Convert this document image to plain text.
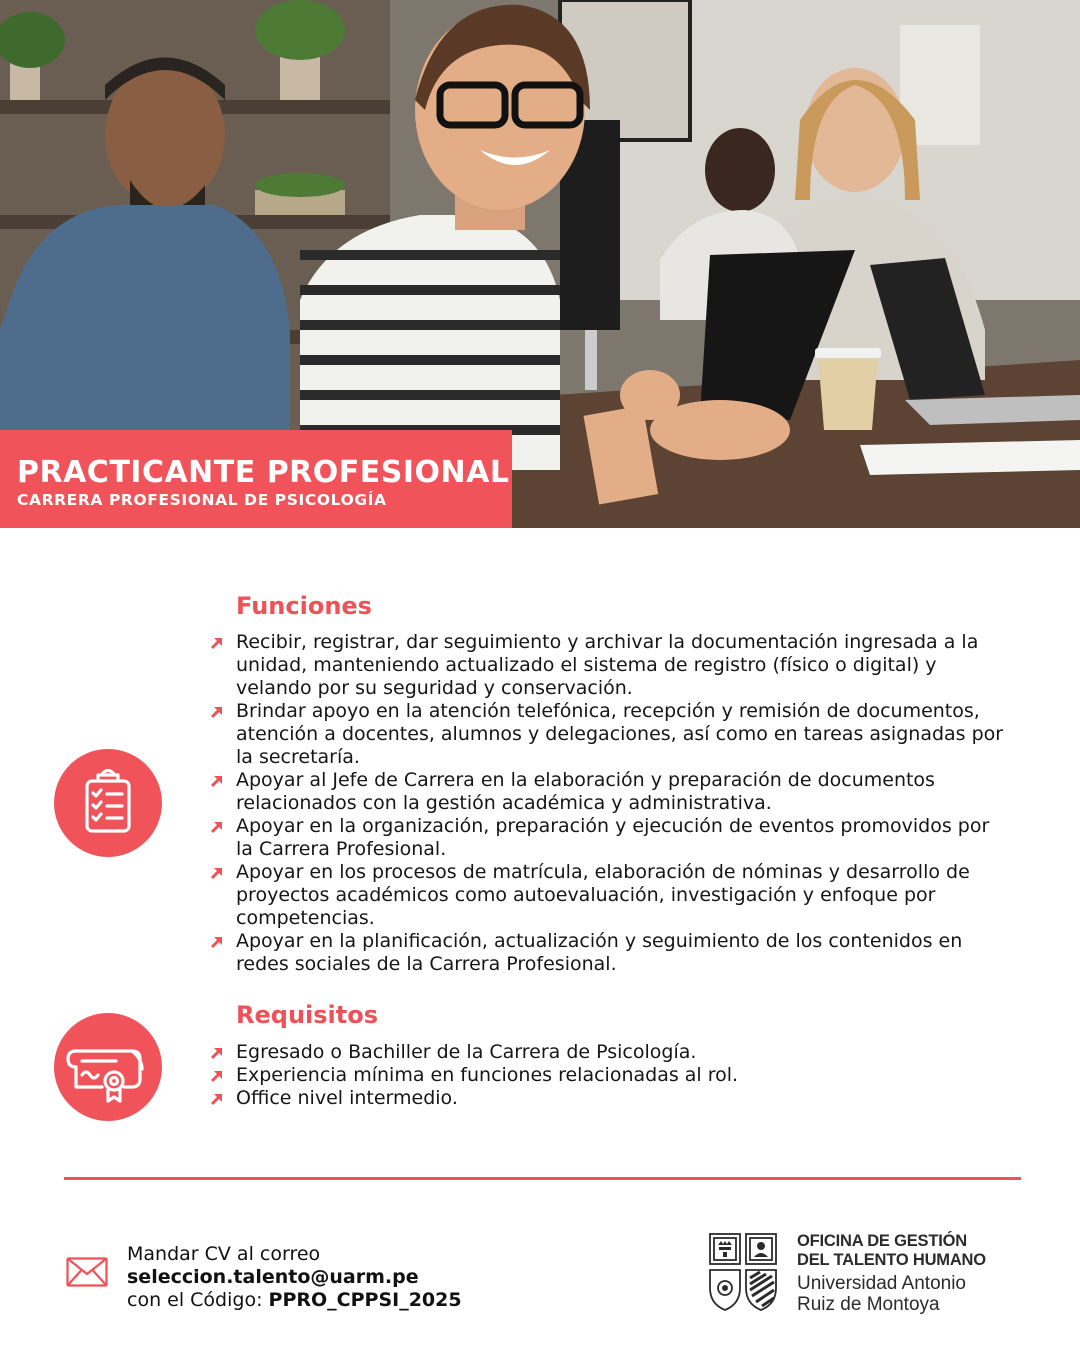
PRACTICANTE PROFESIONAL
CARRERA PROFESIONAL DE PSICOLOGÍA
Funciones
Recibir, registrar, dar seguimiento y archivar la documentación ingresada a la
unidad, manteniendo actualizado el sistema de registro (físico o digital) y
velando por su seguridad y conservación.
Brindar apoyo en la atención telefónica, recepción y remisión de documentos,
atención a docentes, alumnos y delegaciones, así como en tareas asignadas por
la secretaría.
Apoyar al Jefe de Carrera en la elaboración y preparación de documentos
relacionados con la gestión académica y administrativa.
Apoyar en la organización, preparación y ejecución de eventos promovidos por
la Carrera Profesional.
Apoyar en los procesos de matrícula, elaboración de nóminas y desarrollo de
proyectos académicos como autoevaluación, investigación y enfoque por
competencias.
Apoyar en la planificación, actualización y seguimiento de los contenidos en
redes sociales de la Carrera Profesional.
Requisitos
Egresado o Bachiller de la Carrera de Psicología.
Experiencia mínima en funciones relacionadas al rol.
Office nivel intermedio.
Mandar CV al correo
seleccion.talento@uarm.pe
con el Código: PPRO_CPPSI_2025
OFICINA DE GESTIÓN
DEL TALENTO HUMANO
Universidad Antonio
Ruiz de Montoya
